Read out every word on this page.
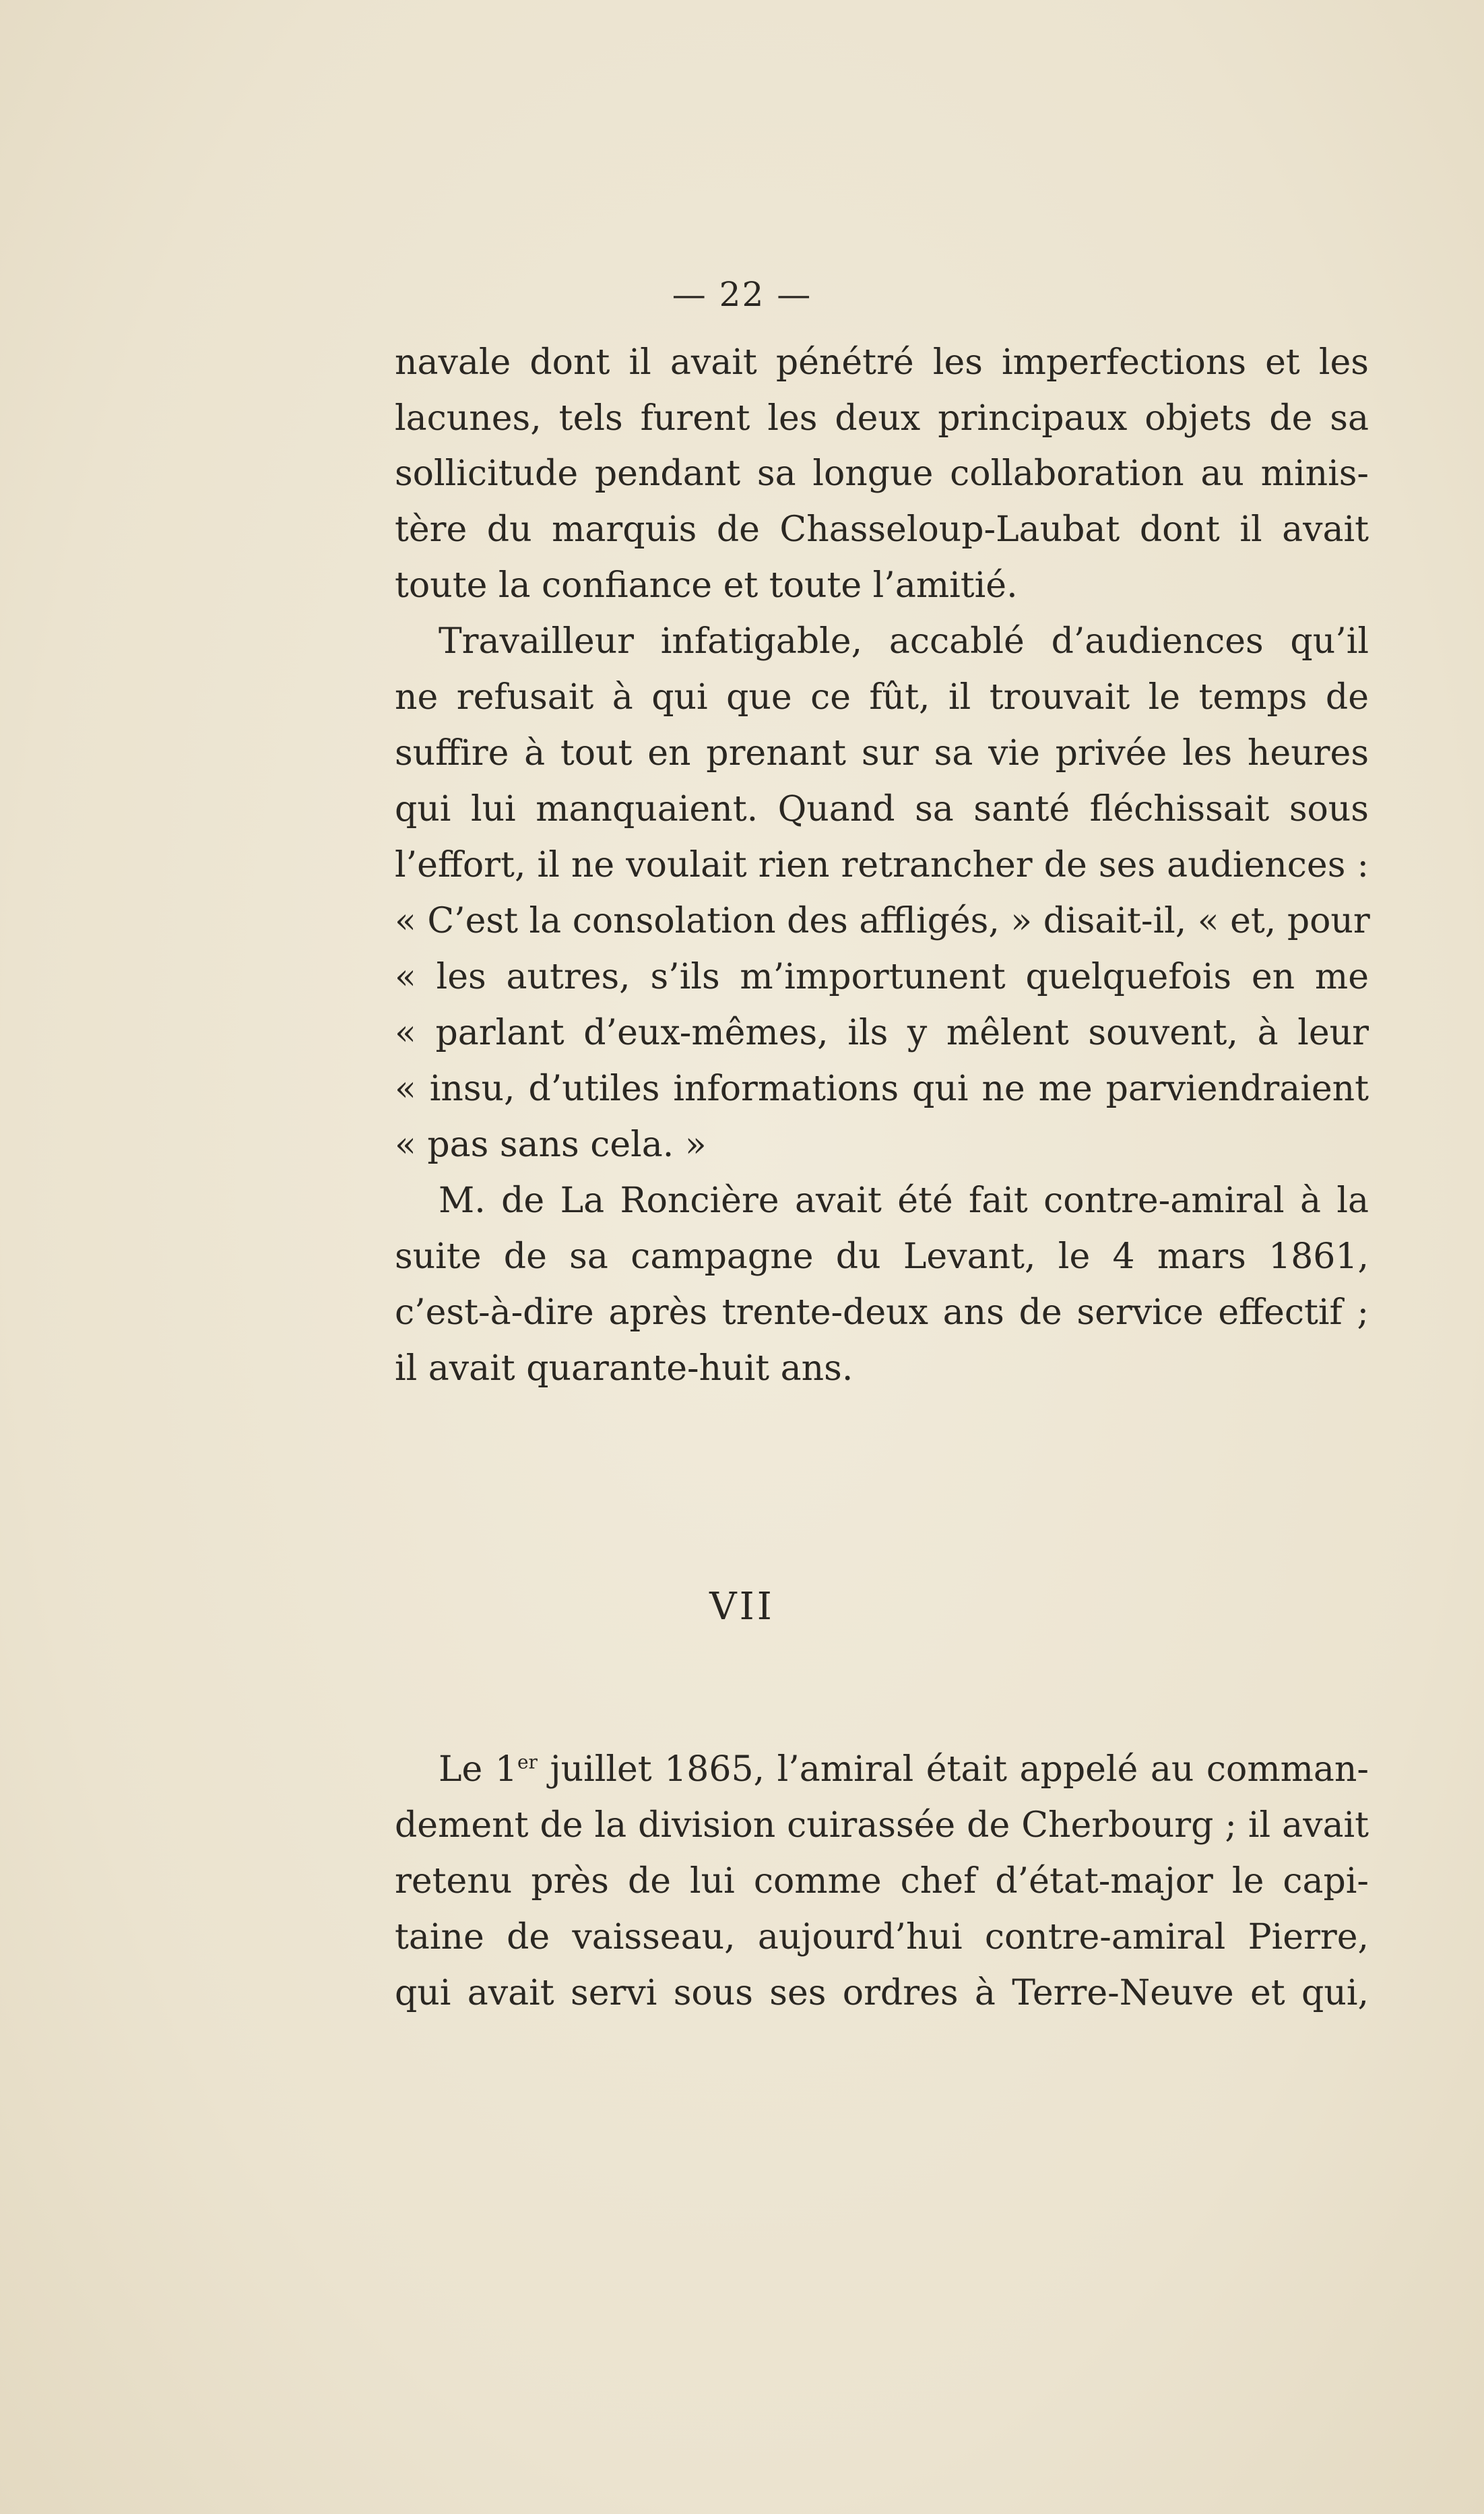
— 22 —
navale dont il avait pénétré les imperfections et les
lacunes, tels furent les deux principaux objets de sa
sollicitude pendant sa longue collaboration au minis-
tère du marquis de Chasseloup-Laubat dont il avait
toute la confiance et toute l’amitié.
Travailleur infatigable, accablé d’audiences qu’il
ne refusait à qui que ce fût, il trouvait le temps de
suffire à tout en prenant sur sa vie privée les heures
qui lui manquaient. Quand sa santé fléchissait sous
l’effort, il ne voulait rien retrancher de ses audiences :
« C’est la consolation des affligés, » disait-il, « et, pour
« les autres, s’ils m’importunent quelquefois en me
« parlant d’eux-mêmes, ils y mêlent souvent, à leur
« insu, d’utiles informations qui ne me parviendraient
« pas sans cela. »
M. de La Roncière avait été fait contre-amiral à la
suite de sa campagne du Levant, le 4 mars 1861,
c’est-à-dire après trente-deux ans de service effectif ;
il avait quarante-huit ans.
VII
Le 1er juillet 1865, l’amiral était appelé au comman-
dement de la division cuirassée de Cherbourg ; il avait
retenu près de lui comme chef d’état-major le capi-
taine de vaisseau, aujourd’hui contre-amiral Pierre,
qui avait servi sous ses ordres à Terre-Neuve et qui,
